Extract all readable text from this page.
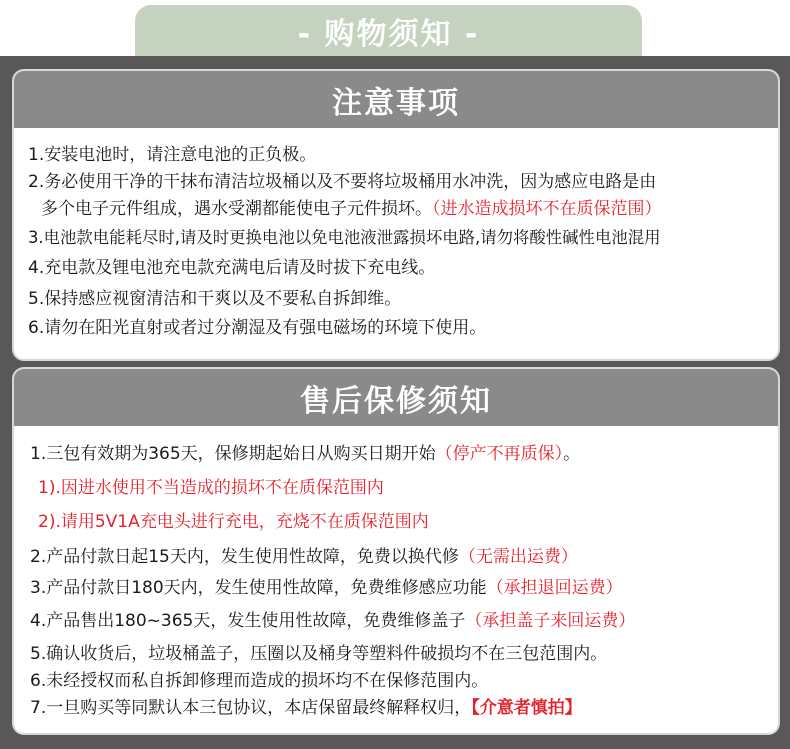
- 购物须知 -
注意事项
1.安装电池时，请注意电池的正负极。
2.务必使用干净的干抹布清洁垃圾桶以及不要将垃圾桶用水冲洗，因为感应电路是由
多个电子元件组成，遇水受潮都能使电子元件损坏。（进水造成损坏不在质保范围）
3.电池款电能耗尽时,请及时更换电池以免电池液泄露损坏电路,请勿将酸性碱性电池混用
4.充电款及锂电池充电款充满电后请及时拔下充电线。
5.保持感应视窗清洁和干爽以及不要私自拆卸维。
6.请勿在阳光直射或者过分潮湿及有强电磁场的环境下使用。
售后保修须知
1.三包有效期为365天，保修期起始日从购买日期开始（停产不再质保）。
1).因进水使用不当造成的损坏不在质保范围内
2).请用5V1A充电头进行充电，充烧不在质保范围内
2.产品付款日起15天内，发生使用性故障，免费以换代修（无需出运费）
3.产品付款日180天内，发生使用性故障，免费维修感应功能（承担退回运费）
4.产品售出180~365天，发生使用性故障，免费维修盖子（承担盖子来回运费）
5.确认收货后，垃圾桶盖子，压圈以及桶身等塑料件破损均不在三包范围内。
6.未经授权而私自拆卸修理而造成的损坏均不在保修范围内。
7.一旦购买等同默认本三包协议，本店保留最终解释权归，【介意者慎拍】
